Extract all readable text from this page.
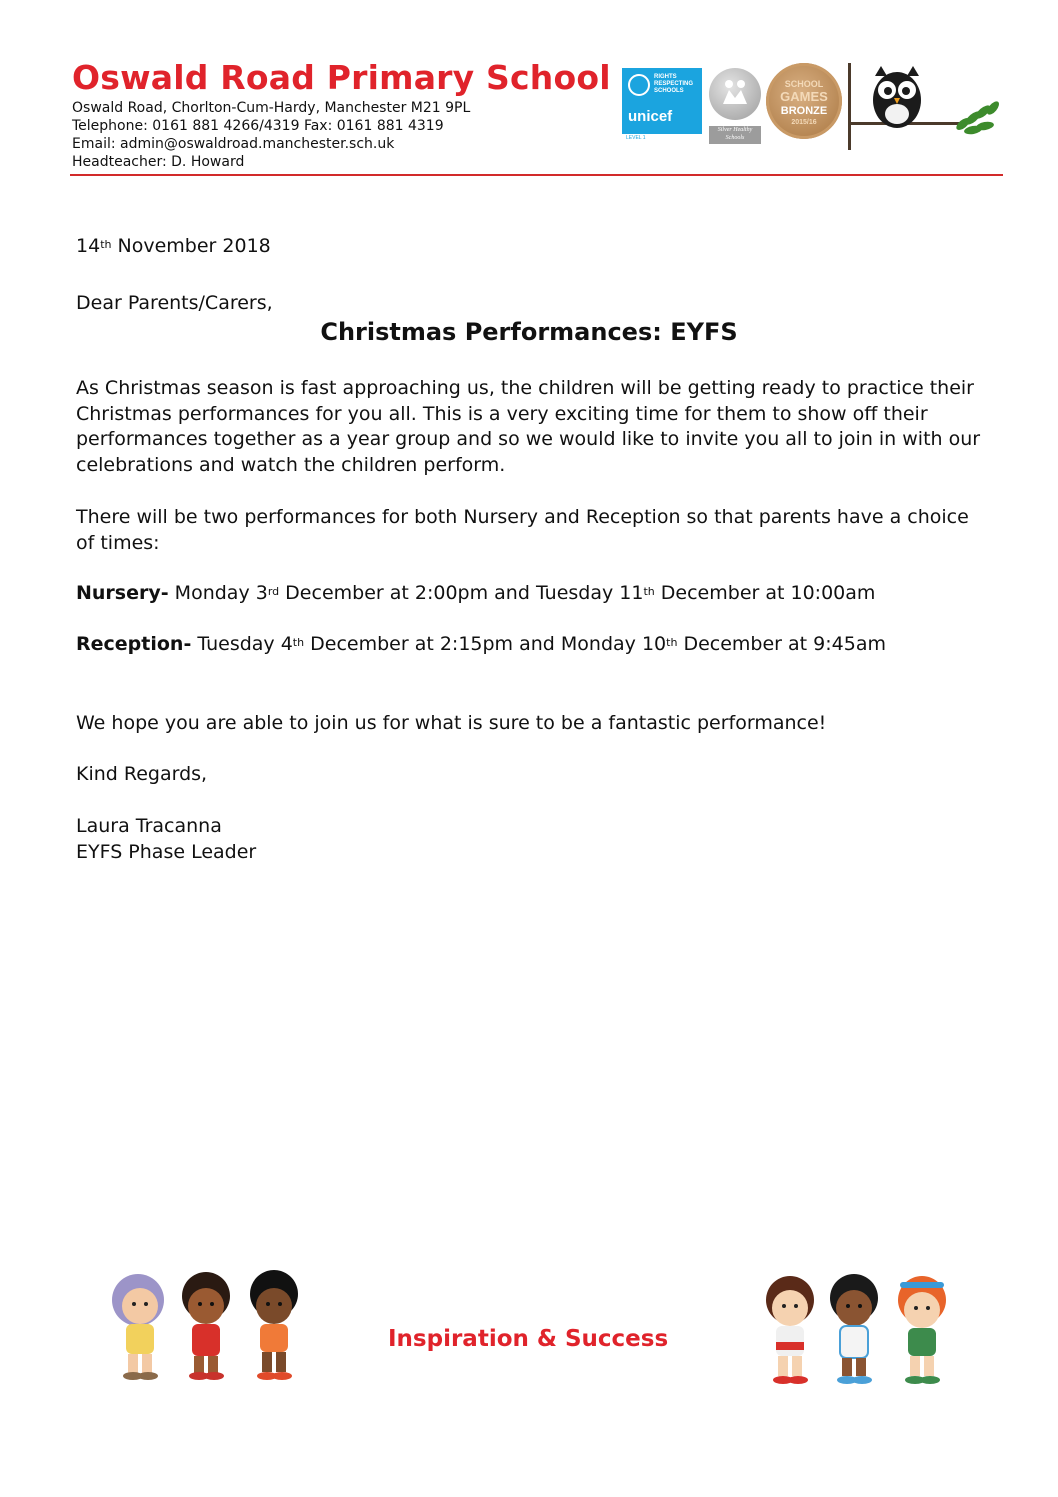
Oswald Road Primary School
Oswald Road, Chorlton-Cum-Hardy, Manchester M21 9PL
Telephone: 0161 881 4266/4319 Fax: 0161 881 4319
Email: admin@oswaldroad.manchester.sch.uk
Headteacher: D. Howard
RIGHTS RESPECTING SCHOOLS
unicef
LEVEL 1
Silver Healthy Schools
SCHOOL
GAMES
BRONZE
2015/16
14th November 2018
Dear Parents/Carers,
Christmas Performances: EYFS
As Christmas season is fast approaching us, the children will be getting ready to practice their
Christmas performances for you all. This is a very exciting time for them to show off their
performances together as a year group and so we would like to invite you all to join in with our
celebrations and watch the children perform.
There will be two performances for both Nursery and Reception so that parents have a choice
of times:
Nursery- Monday 3rd December at 2:00pm and Tuesday 11th December at 10:00am
Reception- Tuesday 4th December at 2:15pm and Monday 10th December at 9:45am
We hope you are able to join us for what is sure to be a fantastic performance!
Kind Regards,
Laura Tracanna
EYFS Phase Leader
Inspiration & Success
